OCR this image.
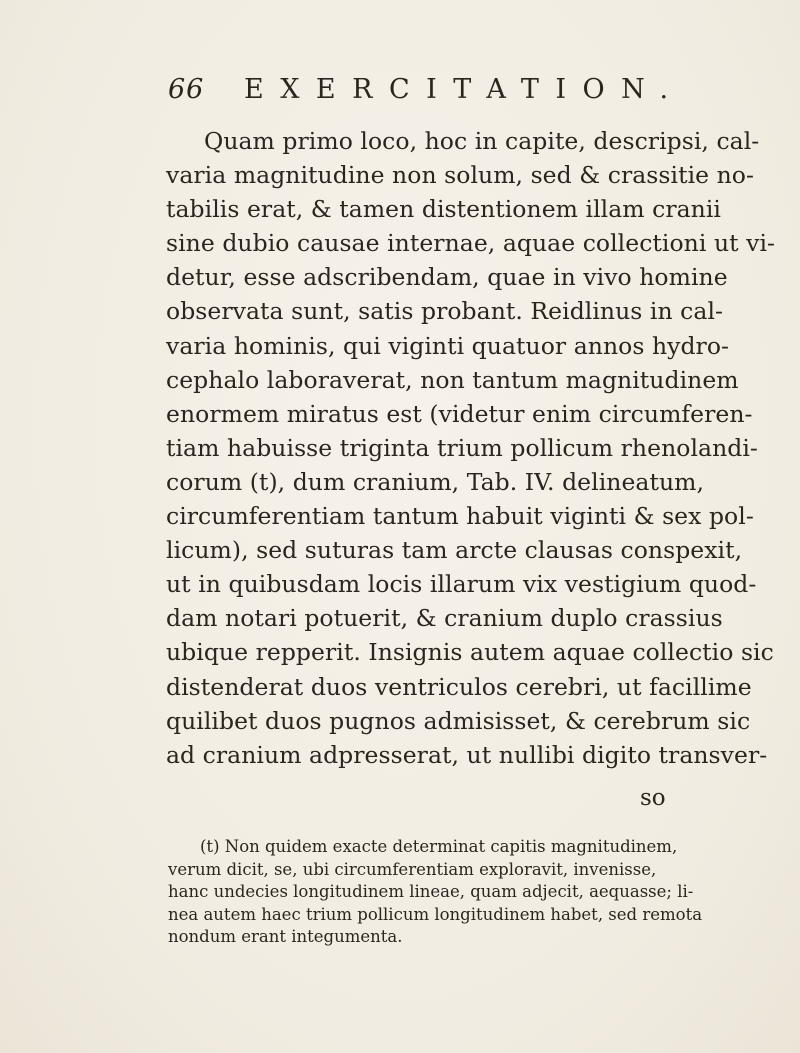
66 EXERCITATION.
Quam primo loco, hoc in capite, descripsi, cal-
varia magnitudine non solum, sed & crassitie no-
tabilis erat, & tamen distentionem illam cranii
sine dubio causae internae, aquae collectioni ut vi-
detur, esse adscribendam, quae in vivo homine
observata sunt, satis probant. Reidlinus in cal-
varia hominis, qui viginti quatuor annos hydro-
cephalo laboraverat, non tantum magnitudinem
enormem miratus est (videtur enim circumferen-
tiam habuisse triginta trium pollicum rhenolandi-
corum (t), dum cranium, Tab. IV. delineatum,
circumferentiam tantum habuit viginti & sex pol-
licum), sed suturas tam arcte clausas conspexit,
ut in quibusdam locis illarum vix vestigium quod-
dam notari potuerit, & cranium duplo crassius
ubique repperit. Insignis autem aquae collectio sic
distenderat duos ventriculos cerebri, ut facillime
quilibet duos pugnos admisisset, & cerebrum sic
ad cranium adpresserat, ut nullibi digito transver-
so
(t) Non quidem exacte determinat capitis magnitudinem,
verum dicit, se, ubi circumferentiam exploravit, invenisse,
hanc undecies longitudinem lineae, quam adjecit, aequasse; li-
nea autem haec trium pollicum longitudinem habet, sed remota
nondum erant integumenta.
